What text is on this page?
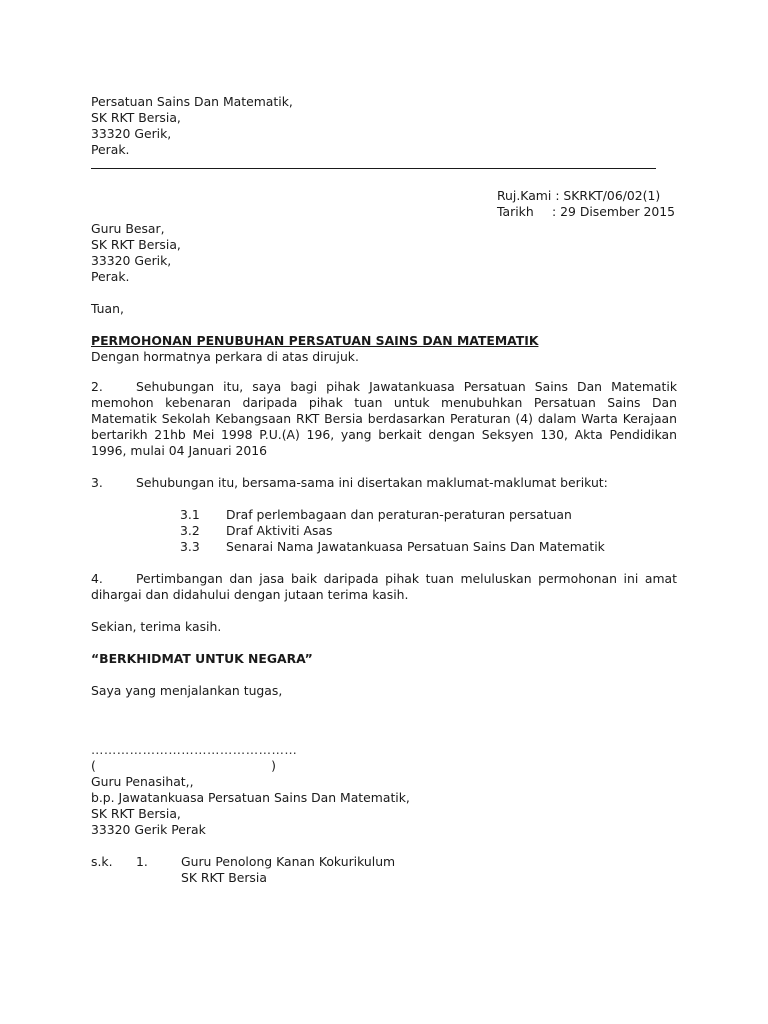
Persatuan Sains Dan Matematik,
SK RKT Bersia,
33320 Gerik,
Perak.
Ruj.Kami : SKRKT/06/02(1)
Tarikh	: 29 Disember 2015
Guru Besar,
SK RKT Bersia,
33320 Gerik,
Perak.
Tuan,
PERMOHONAN PENUBUHAN PERSATUAN SAINS DAN MATEMATIK
Dengan hormatnya perkara di atas dirujuk.
2.	Sehubungan itu, saya bagi pihak Jawatankuasa Persatuan Sains Dan Matematik memohon kebenaran daripada pihak tuan untuk menubuhkan Persatuan Sains Dan Matematik Sekolah Kebangsaan RKT Bersia berdasarkan Peraturan (4) dalam Warta Kerajaan bertarikh 21hb Mei 1998 P.U.(A) 196, yang berkait dengan Seksyen 130, Akta Pendidikan 1996, mulai 04 Januari 2016
3.	Sehubungan itu, bersama-sama ini disertakan maklumat-maklumat berikut:
3.1 Draf perlembagaan dan peraturan-peraturan persatuan
3.2 Draf Aktiviti Asas
3.3 Senarai Nama Jawatankuasa Persatuan Sains Dan Matematik
4.	Pertimbangan dan jasa baik daripada pihak tuan meluluskan permohonan ini amat dihargai dan didahului dengan jutaan terima kasih.
Sekian, terima kasih.
“BERKHIDMAT UNTUK NEGARA”
Saya yang menjalankan tugas,
…………………………………………
(	)
Guru Penasihat,,
b.p. Jawatankuasa Persatuan Sains Dan Matematik,
SK RKT Bersia,
33320 Gerik Perak
s.k. 1.	Guru Penolong Kanan Kokurikulum
SK RKT Bersia
